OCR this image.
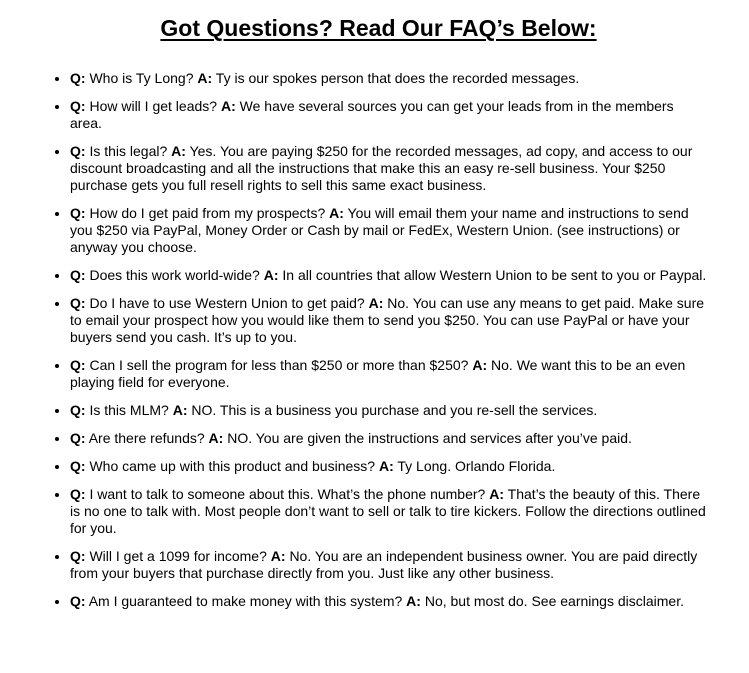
Got Questions? Read Our FAQ’s Below:
• Q: Who is Ty Long? A: Ty is our spokes person that does the recorded messages.
• Q: How will I get leads? A: We have several sources you can get your leads from in the members area.
• Q: Is this legal? A: Yes. You are paying $250 for the recorded messages, ad copy, and access to our discount broadcasting and all the instructions that make this an easy re-sell business. Your $250 purchase gets you full resell rights to sell this same exact business.
• Q: How do I get paid from my prospects? A: You will email them your name and instructions to send you $250 via PayPal, Money Order or Cash by mail or FedEx, Western Union. (see instructions) or anyway you choose.
• Q: Does this work world-wide? A: In all countries that allow Western Union to be sent to you or Paypal.
• Q: Do I have to use Western Union to get paid? A: No. You can use any means to get paid. Make sure to email your prospect how you would like them to send you $250. You can use PayPal or have your buyers send you cash. It’s up to you.
• Q: Can I sell the program for less than $250 or more than $250? A: No. We want this to be an even playing field for everyone.
• Q: Is this MLM? A: NO. This is a business you purchase and you re-sell the services.
• Q: Are there refunds? A: NO. You are given the instructions and services after you’ve paid.
• Q: Who came up with this product and business? A: Ty Long. Orlando Florida.
• Q: I want to talk to someone about this. What’s the phone number? A: That’s the beauty of this. There is no one to talk with. Most people don’t want to sell or talk to tire kickers. Follow the directions outlined for you.
• Q: Will I get a 1099 for income? A: No. You are an independent business owner. You are paid directly from your buyers that purchase directly from you. Just like any other business.
• Q: Am I guaranteed to make money with this system? A: No, but most do. See earnings disclaimer.
